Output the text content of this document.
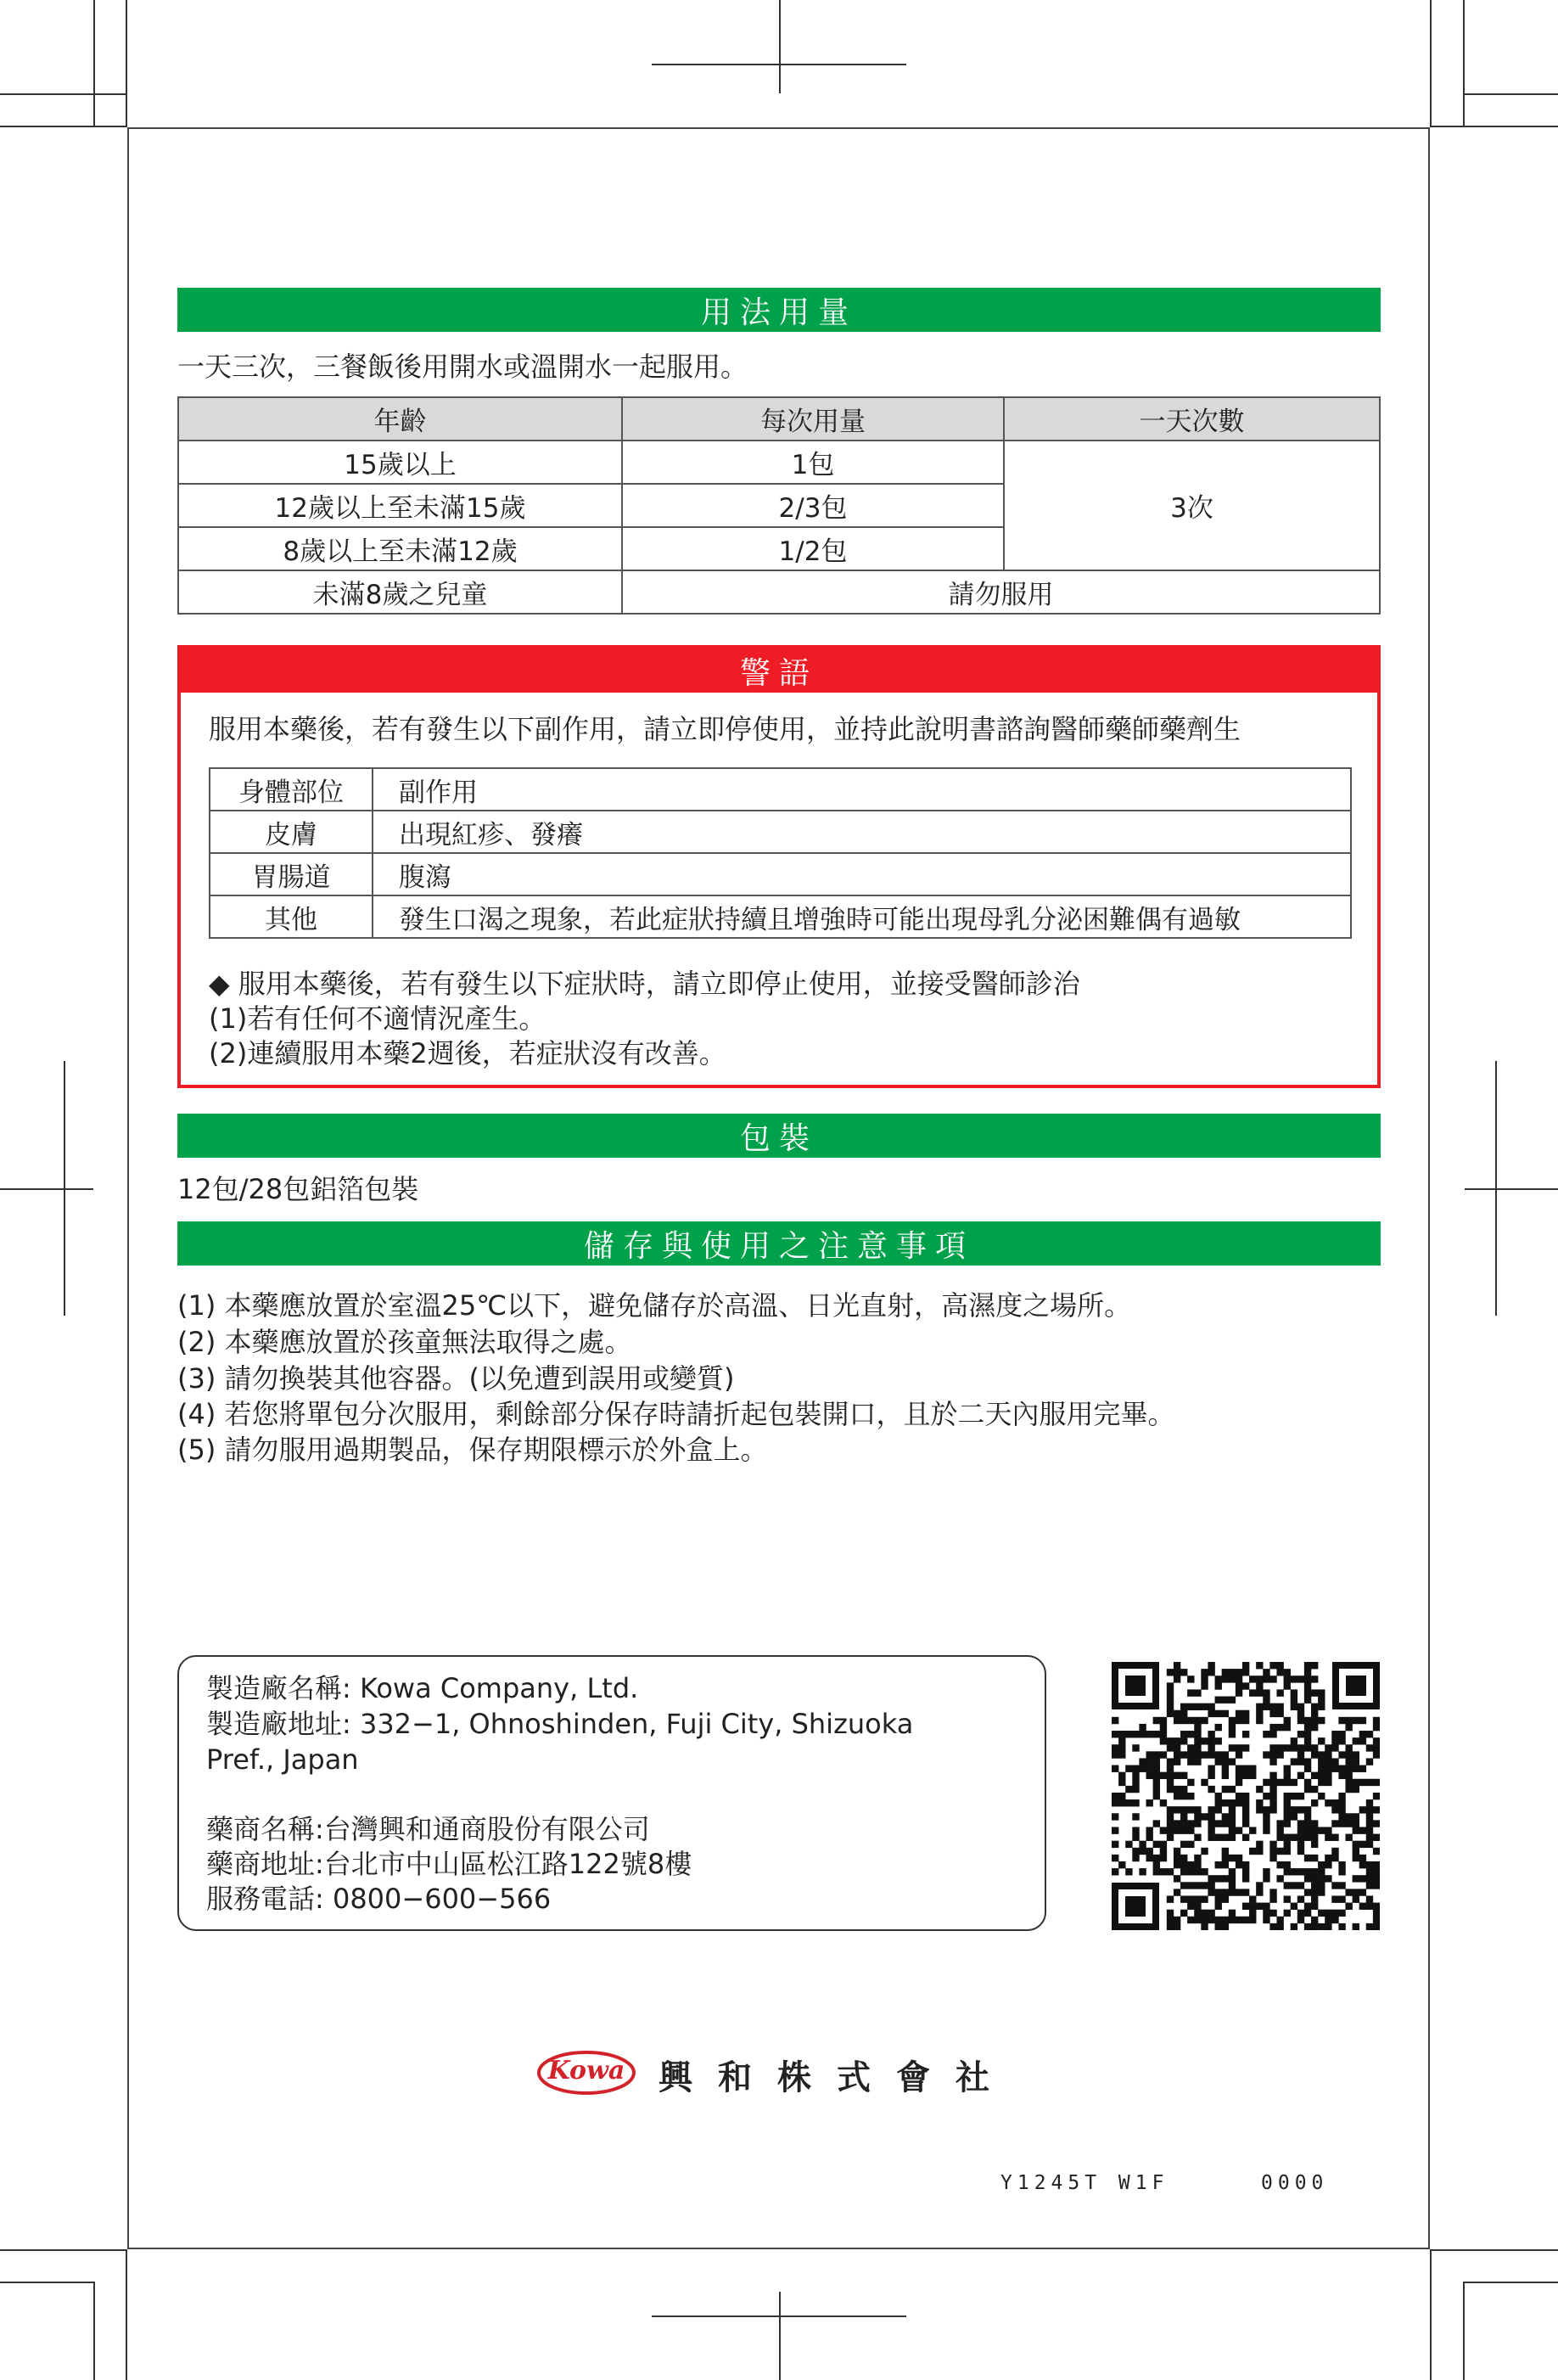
用法用量
一天三次，三餐飯後用開水或溫開水一起服用。
年齡	每次用量	一天次數
15歲以上	1包	3次
12歲以上至未滿15歲	2/3包	
8歲以上至未滿12歲	1/2包	
未滿8歲之兒童	請勿服用	
警語
服用本藥後，若有發生以下副作用，請立即停使用，並持此說明書諮詢醫師藥師藥劑生
身體部位	副作用
皮膚	出現紅疹、發癢
胃腸道	腹瀉
其他	發生口渴之現象，若此症狀持續且增強時可能出現母乳分泌困難偶有過敏
◆ 服用本藥後，若有發生以下症狀時，請立即停止使用，並接受醫師診治
(1)若有任何不適情況產生。
(2)連續服用本藥2週後，若症狀沒有改善。
包裝
12包/28包鋁箔包裝
儲存與使用之注意事項
(1) 本藥應放置於室溫25℃以下，避免儲存於高溫、日光直射，高濕度之場所。
(2) 本藥應放置於孩童無法取得之處。
(3) 請勿換裝其他容器。(以免遭到誤用或變質)
(4) 若您將單包分次服用，剩餘部分保存時請折起包裝開口，且於二天內服用完畢。
(5) 請勿服用過期製品，保存期限標示於外盒上。
製造廠名稱: Kowa Company, Ltd.
製造廠地址: 332−1, Ohnoshinden, Fuji City, Shizuoka
Pref., Japan
藥商名稱:台灣興和通商股份有限公司
藥商地址:台北市中山區松江路122號8樓
服務電話: 0800−600−566
Kowa 興和株式會社
Y1245T W1F	0000
